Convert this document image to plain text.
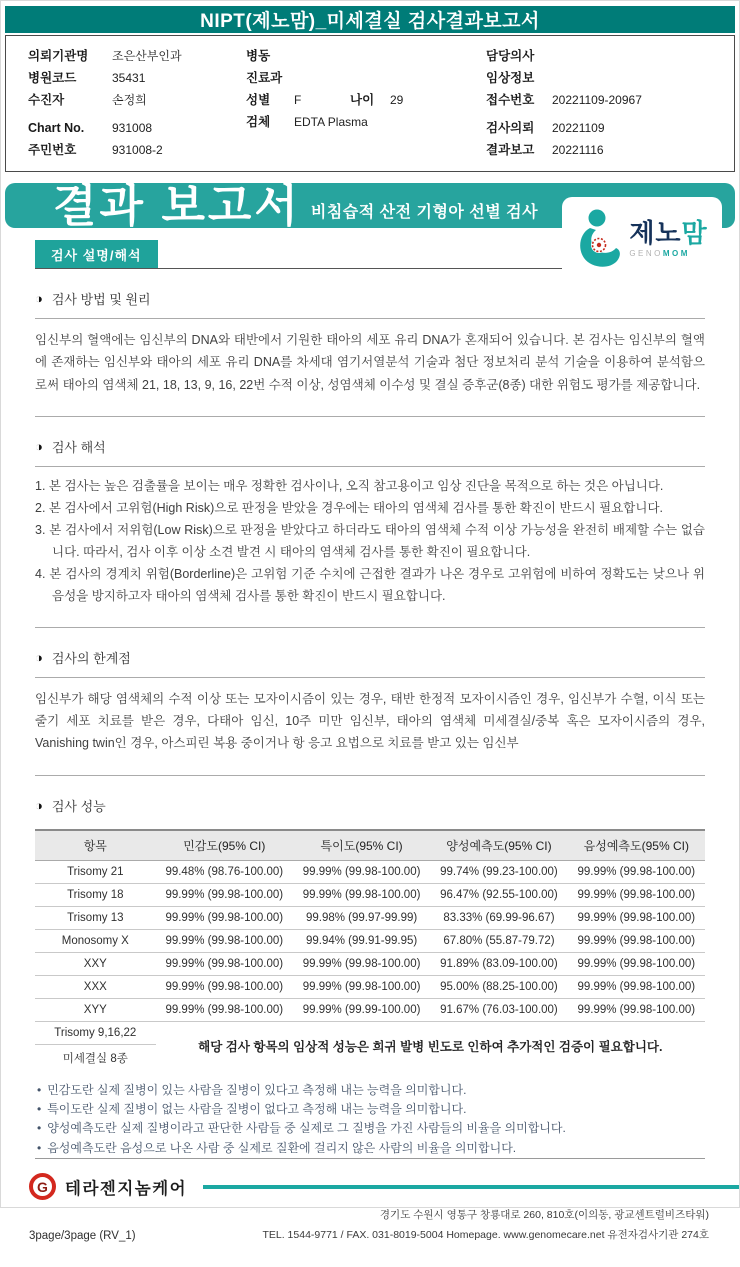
NIPT(제노맘)_미세결실 검사결과보고서
의뢰기관명	조은산부인과
병원코드	35431
수진자	손정희
Chart No.	931008
주민번호	931008-2
병동
진료과
성별	F	나이	29
검체	EDTA Plasma
담당의사
임상정보
접수번호	20221109-20967
검사의뢰	20221109
결과보고	20221116
결과 보고서 비침습적 산전 기형아 선별 검사
제노맘
GENOMOM
검사 설명/해석
◑ 검사 방법 및 원리

임신부의 혈액에는 임신부의 DNA와 태반에서 기원한 태아의 세포 유리 DNA가 혼재되어 있습니다. 본 검사는 임신부의 혈액에 존재하는 임신부와 태아의 세포 유리 DNA를 차세대 염기서열분석 기술과 첨단 정보처리 분석 기술을 이용하여 분석함으로써 태아의 염색체 21, 18, 13, 9, 16, 22번 수적 이상, 성염색체 이수성 및 결실 증후군(8종) 대한 위험도 평가를 제공합니다.

◑ 검사 해석
1. 본 검사는 높은 검출률을 보이는 매우 정확한 검사이나, 오직 참고용이고 임상 진단을 목적으로 하는 것은 아닙니다.
2. 본 검사에서 고위험(High Risk)으로 판정을 받았을 경우에는 태아의 염색체 검사를 통한 확진이 반드시 필요합니다.
3. 본 검사에서 저위험(Low Risk)으로 판정을 받았다고 하더라도 태아의 염색체 수적 이상 가능성을 완전히 배제할 수는 없습니다. 따라서, 검사 이후 이상 소견 발견 시 태아의 염색체 검사를 통한 확진이 필요합니다.
4. 본 검사의 경계치 위험(Borderline)은 고위험 기준 수치에 근접한 결과가 나온 경우로 고위험에 비하여 정확도는 낮으나 위음성을 방지하고자 태아의 염색체 검사를 통한 확진이 반드시 필요합니다.
◑ 검사의 한계점

임신부가 해당 염색체의 수적 이상 또는 모자이시즘이 있는 경우, 태반 한정적 모자이시즘인 경우, 임신부가 수혈, 이식 또는 줄기 세포 치료를 받은 경우, 다태아 임신, 10주 미만 임신부, 태아의 염색체 미세결실/중복 혹은 모자이시즘의 경우, Vanishing twin인 경우, 아스피린 복용 중이거나 항 응고 요법으로 치료를 받고 있는 임신부

◑ 검사 성능
항목	민감도(95% CI)	특이도(95% CI)	양성예측도(95% CI)	음성예측도(95% CI)
Trisomy 21	99.48% (98.76-100.00)	99.99% (99.98-100.00)	99.74% (99.23-100.00)	99.99% (99.98-100.00)
Trisomy 18	99.99% (99.98-100.00)	99.99% (99.98-100.00)	96.47% (92.55-100.00)	99.99% (99.98-100.00)
Trisomy 13	99.99% (99.98-100.00)	99.98% (99.97-99.99)	83.33% (69.99-96.67)	99.99% (99.98-100.00)
Monosomy X	99.99% (99.98-100.00)	99.94% (99.91-99.95)	67.80% (55.87-79.72)	99.99% (99.98-100.00)
XXY	99.99% (99.98-100.00)	99.99% (99.98-100.00)	91.89% (83.09-100.00)	99.99% (99.98-100.00)
XXX	99.99% (99.98-100.00)	99.99% (99.98-100.00)	95.00% (88.25-100.00)	99.99% (99.98-100.00)
XYY	99.99% (99.98-100.00)	99.99% (99.99-100.00)	91.67% (76.03-100.00)	99.99% (99.98-100.00)
Trisomy 9,16,22	해당 검사 항목의 임상적 성능은 희귀 발병 빈도로 인하여 추가적인 검증이 필요합니다.			
미세결실 8종				
• 민감도란 실제 질병이 있는 사람을 질병이 있다고 측정해 내는 능력을 의미합니다.
• 특이도란 실제 질병이 없는 사람을 질병이 없다고 측정해 내는 능력을 의미합니다.
• 양성예측도란 실제 질병이라고 판단한 사람들 중 실제로 그 질병을 가진 사람들의 비율을 의미합니다.
• 음성예측도란 음성으로 나온 사람 중 실제로 질환에 걸리지 않은 사람의 비율을 의미합니다.
G 테라젠지놈케어
3page/3page (RV_1)
경기도 수원시 영통구 창룡대로 260, 810호(이의동, 광교센트럴비즈타워)
TEL. 1544-9771 / FAX. 031-8019-5004 Homepage. www.genomecare.net 유전자검사기관 274호
